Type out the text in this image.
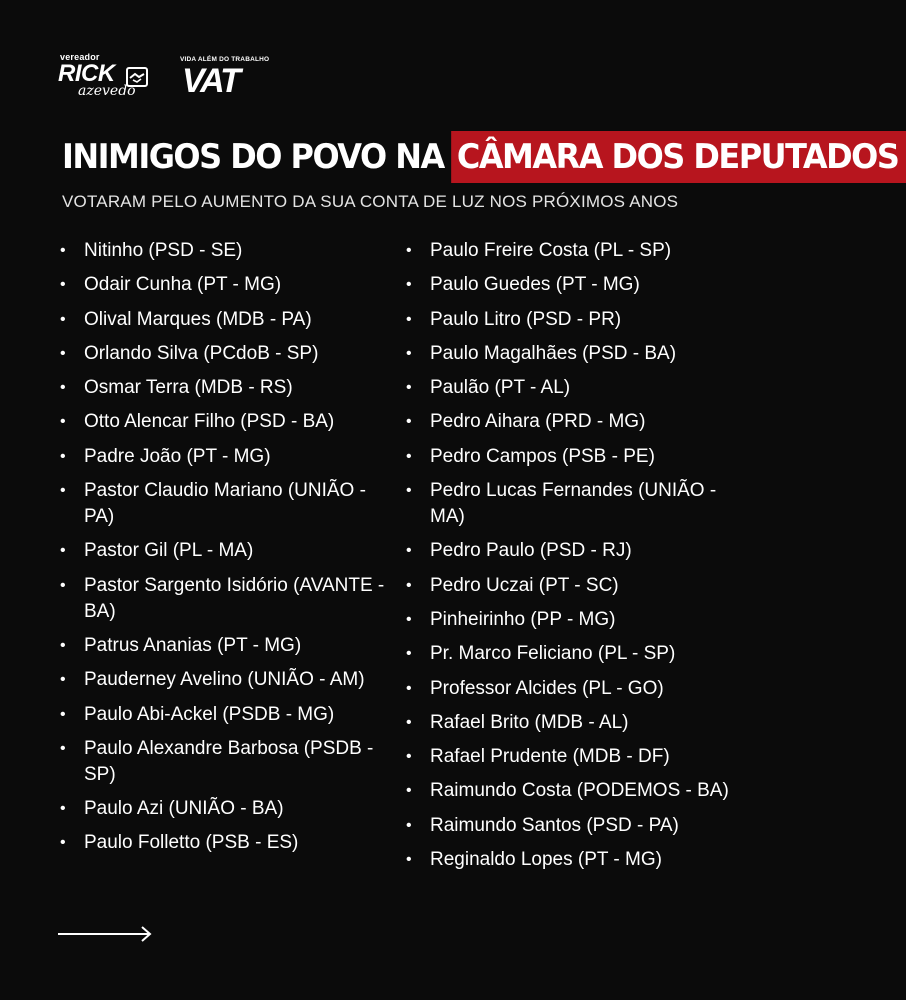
vereador
RICK
azevedo
VIDA ALÉM DO TRABALHO
VAT
INIMIGOS DO POVO NA CÂMARA DOS DEPUTADOS
VOTARAM PELO AUMENTO DA SUA CONTA DE LUZ NOS PRÓXIMOS ANOS
• Nitinho (PSD - SE)
• Odair Cunha (PT - MG)
• Olival Marques (MDB - PA)
• Orlando Silva (PCdoB - SP)
• Osmar Terra (MDB - RS)
• Otto Alencar Filho (PSD - BA)
• Padre João (PT - MG)
• Pastor Claudio Mariano (UNIÃO - PA)
• Pastor Gil (PL - MA)
• Pastor Sargento Isidório (AVANTE - BA)
• Patrus Ananias (PT - MG)
• Pauderney Avelino (UNIÃO - AM)
• Paulo Abi-Ackel (PSDB - MG)
• Paulo Alexandre Barbosa (PSDB - SP)
• Paulo Azi (UNIÃO - BA)
• Paulo Folletto (PSB - ES)
• Paulo Freire Costa (PL - SP)
• Paulo Guedes (PT - MG)
• Paulo Litro (PSD - PR)
• Paulo Magalhães (PSD - BA)
• Paulão (PT - AL)
• Pedro Aihara (PRD - MG)
• Pedro Campos (PSB - PE)
• Pedro Lucas Fernandes (UNIÃO - MA)
• Pedro Paulo (PSD - RJ)
• Pedro Uczai (PT - SC)
• Pinheirinho (PP - MG)
• Pr. Marco Feliciano (PL - SP)
• Professor Alcides (PL - GO)
• Rafael Brito (MDB - AL)
• Rafael Prudente (MDB - DF)
• Raimundo Costa (PODEMOS - BA)
• Raimundo Santos (PSD - PA)
• Reginaldo Lopes (PT - MG)
